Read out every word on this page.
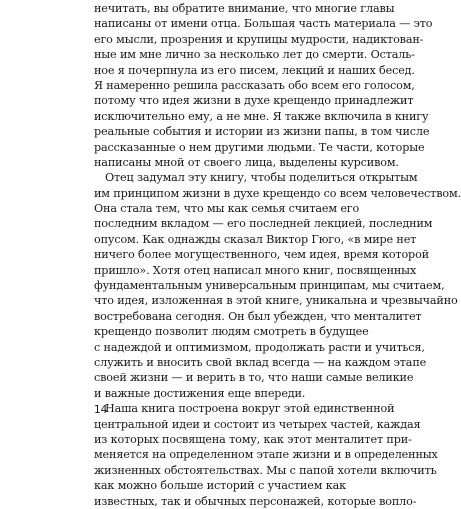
нечитать, вы обратите внимание, что многие главы
написаны от имени отца. Большая часть материала — это
его мысли, прозрения и крупицы мудрости, надиктован-
ные им мне лично за несколько лет до смерти. Осталь-
ное я почерпнула из его писем, лекций и наших бесед.
Я намеренно решила рассказать обо всем его голосом,
потому что идея жизни в духе крещендо принадлежит
исключительно ему, а не мне. Я также включила в книгу
реальные события и истории из жизни папы, в том числе
рассказанные о нем другими людьми. Те части, которые
написаны мной от своего лица, выделены курсивом.
Отец задумал эту книгу, чтобы поделиться открытым
им принципом жизни в духе крещендо со всем человечеством.
Она стала тем, что мы как семья считаем его
последним вкладом — его последней лекцией, последним
опусом. Как однажды сказал Виктор Гюго, «в мире нет
ничего более могущественного, чем идея, время которой
пришло». Хотя отец написал много книг, посвященных
фундаментальным универсальным принципам, мы считаем,
что идея, изложенная в этой книге, уникальна и чрезвычайно
востребована сегодня. Он был убежден, что менталитет
крещендо позволит людям смотреть в будущее
с надеждой и оптимизмом, продолжать расти и учиться,
служить и вносить свой вклад всегда — на каждом этапе
своей жизни — и верить в то, что наши самые великие
и важные достижения еще впереди.
Наша книга построена вокруг этой единственной
центральной идеи и состоит из четырех частей, каждая
из которых посвящена тому, как этот менталитет при-
меняется на определенном этапе жизни и в определенных
жизненных обстоятельствах. Мы с папой хотели включить
как можно больше историй с участием как
известных, так и обычных персонажей, которые вопло-
14
